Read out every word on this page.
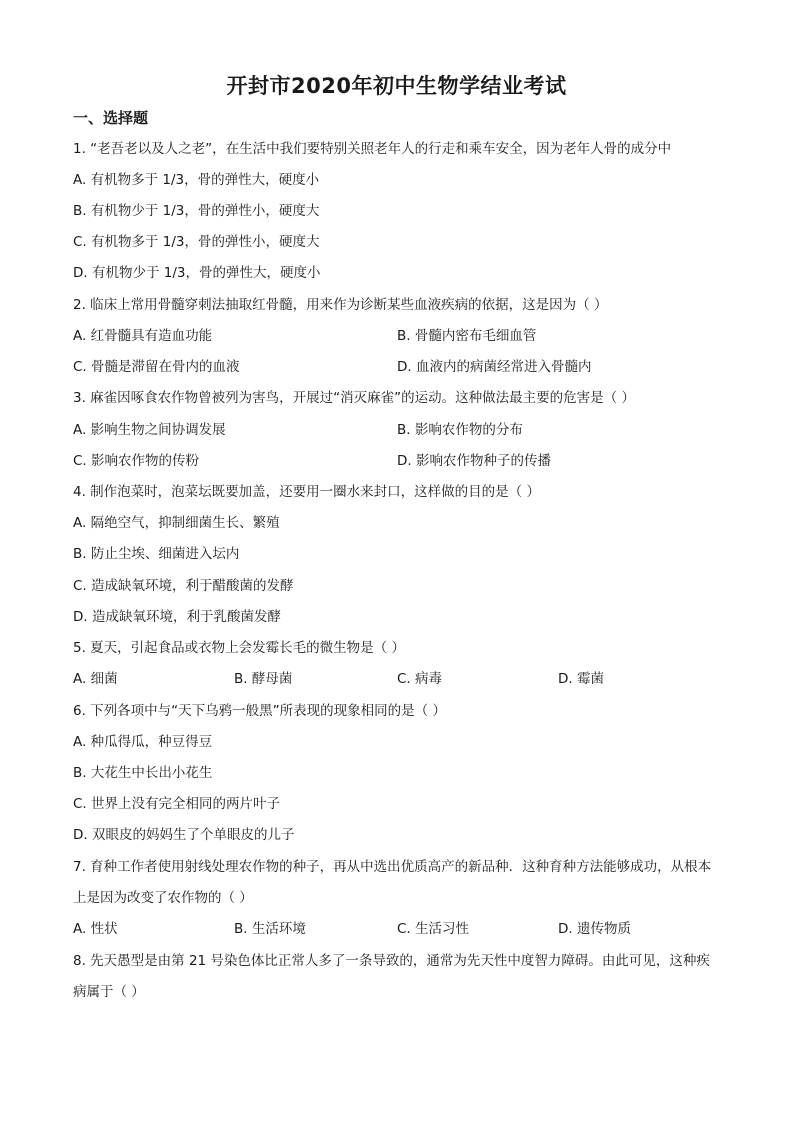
开封市2020年初中生物学结业考试
一、选择题
1. “老吾老以及人之老”，在生活中我们要特别关照老年人的行走和乘车安全，因为老年人骨的成分中
A. 有机物多于 1/3，骨的弹性大，硬度小
B. 有机物少于 1/3，骨的弹性小，硬度大
C. 有机物多于 1/3，骨的弹性小，硬度大
D. 有机物少于 1/3，骨的弹性大，硬度小
2. 临床上常用骨髓穿刺法抽取红骨髓，用来作为诊断某些血液疾病的依据，这是因为（ ）
A. 红骨髓具有造血功能	B. 骨髓内密布毛细血管
C. 骨髓是滞留在骨内的血液	D. 血液内的病菌经常进入骨髓内
3. 麻雀因啄食农作物曾被列为害鸟，开展过“消灭麻雀”的运动。这种做法最主要的危害是（ ）
A. 影响生物之间协调发展	B. 影响农作物的分布
C. 影响农作物的传粉	D. 影响农作物种子的传播
4. 制作泡菜时，泡菜坛既要加盖，还要用一圈水来封口，这样做的目的是（ ）
A. 隔绝空气，抑制细菌生长、繁殖
B. 防止尘埃、细菌进入坛内
C. 造成缺氧环境，利于醋酸菌的发酵
D. 造成缺氧环境，利于乳酸菌发酵
5. 夏天，引起食品或衣物上会发霉长毛的微生物是（ ）
A. 细菌	B. 酵母菌	C. 病毒	D. 霉菌
6. 下列各项中与“天下乌鸦一般黑”所表现的现象相同的是（ ）
A. 种瓜得瓜，种豆得豆
B. 大花生中长出小花生
C. 世界上没有完全相同的两片叶子
D. 双眼皮的妈妈生了个单眼皮的儿子
7. 育种工作者使用射线处理农作物的种子，再从中选出优质高产的新品种．这种育种方法能够成功，从根本上是因为改变了农作物的（ ）
A. 性状	B. 生活环境	C. 生活习性	D. 遗传物质
8. 先天愚型是由第 21 号染色体比正常人多了一条导致的，通常为先天性中度智力障碍。由此可见，这种疾病属于（ ）
